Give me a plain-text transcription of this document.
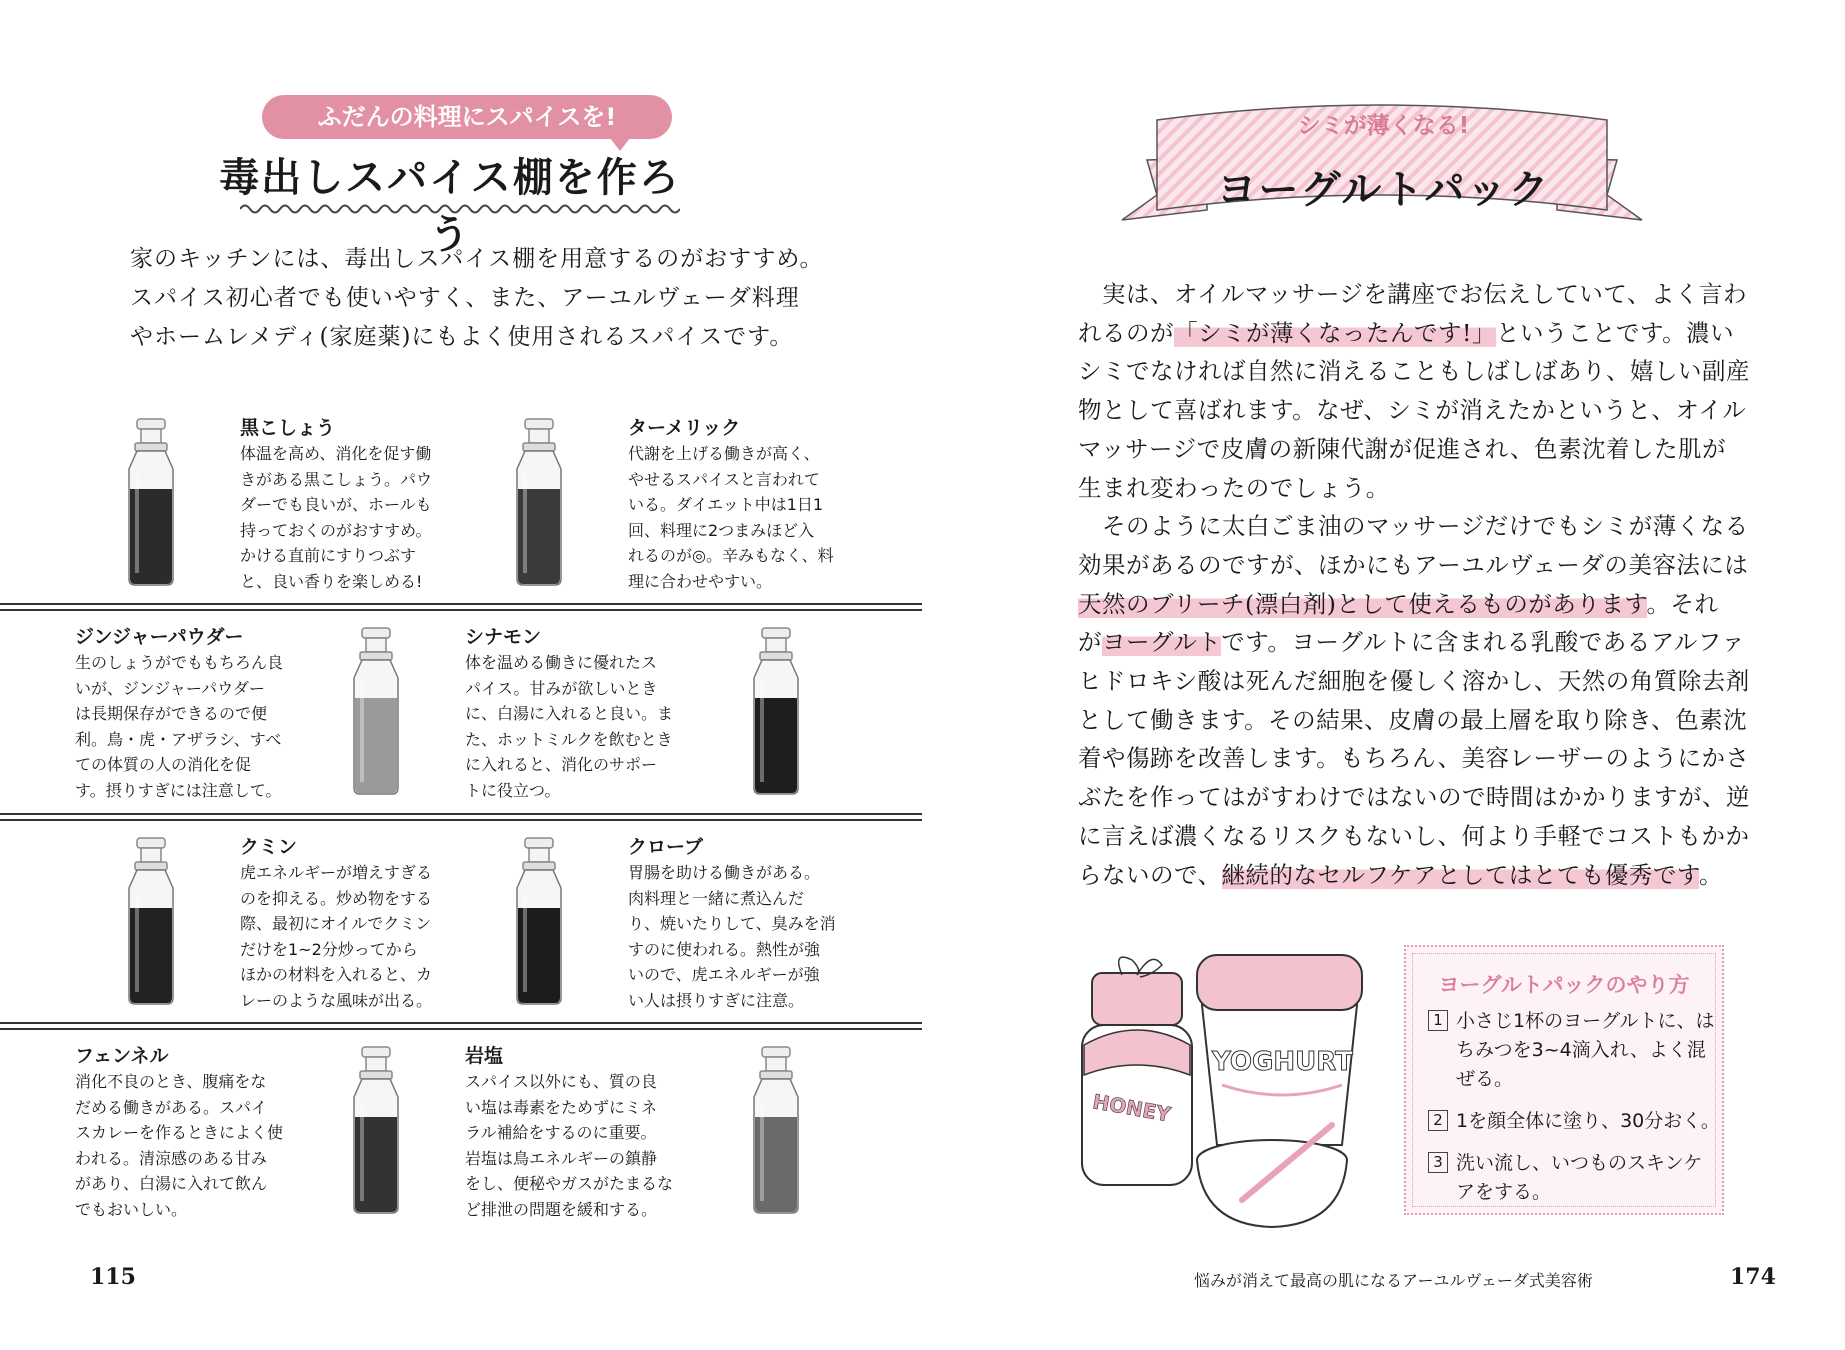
ふだんの料理にスパイスを!
毒出しスパイス棚を作ろう

家のキッチンには、毒出しスパイス棚を用意するのがおすすめ。

スパイス初心者でも使いやすく、また、アーユルヴェーダ料理

やホームレメディ(家庭薬)にもよく使用されるスパイスです。

黒こしょう
体温を高め、消化を促す働
きがある黒こしょう。パウ
ダーでも良いが、ホールも
持っておくのがおすすめ。
かける直前にすりつぶす
と、良い香りを楽しめる!
ターメリック
代謝を上げる働きが高く、
やせるスパイスと言われて
いる。ダイエット中は1日1
回、料理に2つまみほど入
れるのが◎。辛みもなく、料
理に合わせやすい。
ジンジャーパウダー
生のしょうがでももちろん良
いが、ジンジャーパウダー
は長期保存ができるので便
利。鳥・虎・アザラシ、すべ
ての体質の人の消化を促
す。摂りすぎには注意して。
シナモン
体を温める働きに優れたス
パイス。甘みが欲しいとき
に、白湯に入れると良い。ま
た、ホットミルクを飲むとき
に入れると、消化のサポー
トに役立つ。
クミン
虎エネルギーが増えすぎる
のを抑える。炒め物をする
際、最初にオイルでクミン
だけを1~2分炒ってから
ほかの材料を入れると、カ
レーのような風味が出る。
クローブ
胃腸を助ける働きがある。
肉料理と一緒に煮込んだ
り、焼いたりして、臭みを消
すのに使われる。熱性が強
いので、虎エネルギーが強
い人は摂りすぎに注意。
フェンネル
消化不良のとき、腹痛をな
だめる働きがある。スパイ
スカレーを作るときによく使
われる。清涼感のある甘み
があり、白湯に入れて飲ん
でもおいしい。
岩塩
スパイス以外にも、質の良
い塩は毒素をためずにミネ
ラル補給をするのに重要。
岩塩は鳥エネルギーの鎮静
をし、便秘やガスがたまるな
ど排泄の問題を緩和する。
115
シミが薄くなる!
ヨーグルトパック
　実は、オイルマッサージを講座でお伝えしていて、よく言わ
れるのが「シミが薄くなったんです!」ということです。濃い
シミでなければ自然に消えることもしばしばあり、嬉しい副産
物として喜ばれます。なぜ、シミが消えたかというと、オイル
マッサージで皮膚の新陳代謝が促進され、色素沈着した肌が
生まれ変わったのでしょう。
　そのように太白ごま油のマッサージだけでもシミが薄くなる
効果があるのですが、ほかにもアーユルヴェーダの美容法には
天然のブリーチ(漂白剤)として使えるものがあります。それ
がヨーグルトです。ヨーグルトに含まれる乳酸であるアルファ
ヒドロキシ酸は死んだ細胞を優しく溶かし、天然の角質除去剤
として働きます。その結果、皮膚の最上層を取り除き、色素沈
着や傷跡を改善します。もちろん、美容レーザーのようにかさ
ぶたを作ってはがすわけではないので時間はかかりますが、逆
に言えば濃くなるリスクもないし、何より手軽でコストもかか
らないので、継続的なセルフケアとしてはとても優秀です。
HONEY
YOGHURT
ヨーグルトパックのやり方
1 小さじ1杯のヨーグルトに、は
ちみつを3~4滴入れ、よく混
ぜる。
2 1を顔全体に塗り、30分おく。
3 洗い流し、いつものスキンケ
アをする。
悩みが消えて最高の肌になるアーユルヴェーダ式美容術	174
